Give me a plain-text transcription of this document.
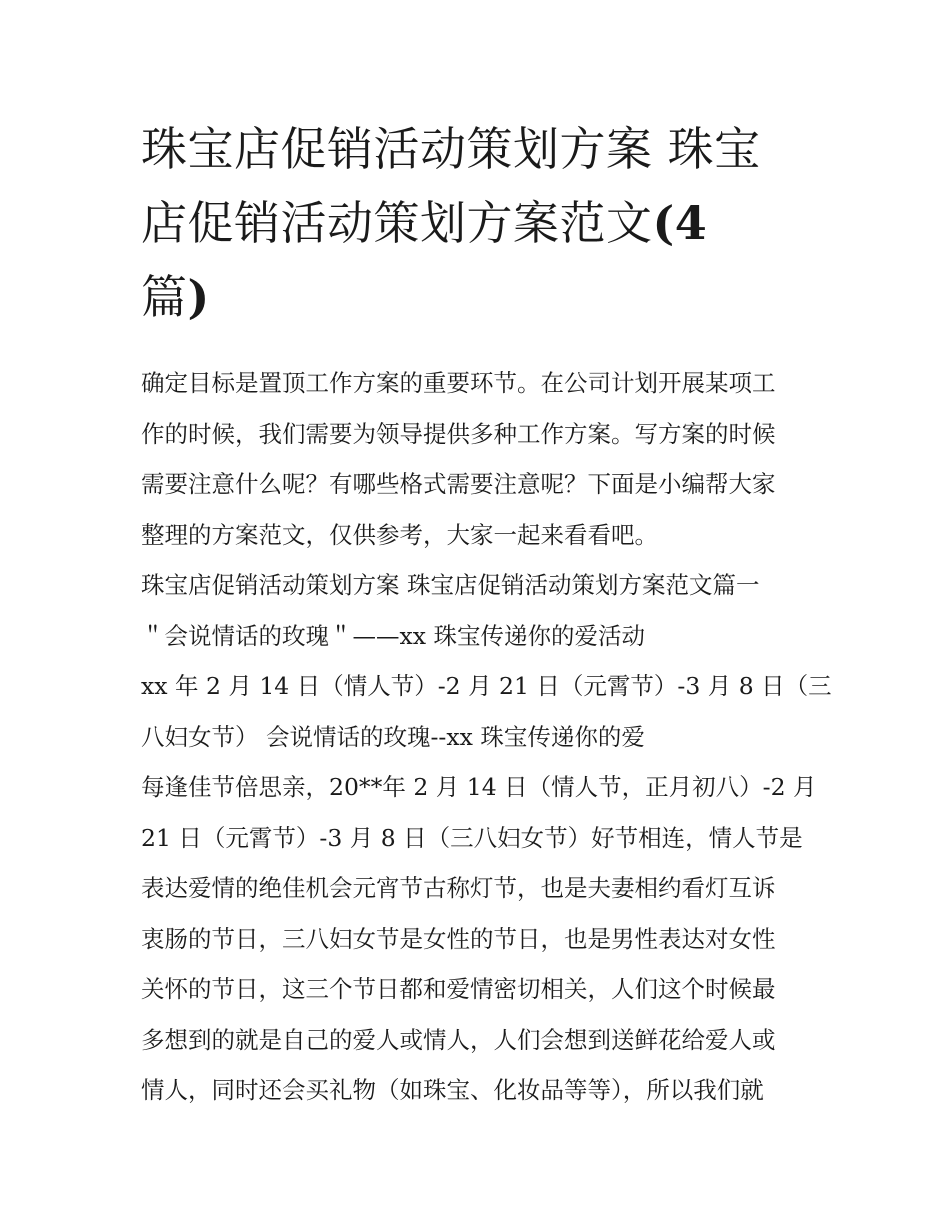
珠宝店促销活动策划方案 珠宝
店促销活动策划方案范文(4
篇)

确定目标是置顶工作方案的重要环节。在公司计划开展某项工
作的时候，我们需要为领导提供多种工作方案。写方案的时候
需要注意什么呢？有哪些格式需要注意呢？下面是小编帮大家
整理的方案范文，仅供参考，大家一起来看看吧。

珠宝店促销活动策划方案 珠宝店促销活动策划方案范文篇一

＂会说情话的玫瑰＂——xx 珠宝传递你的爱活动

xx 年 2 月 14 日（情人节）-2 月 21 日（元霄节）-3 月 8 日（三
八妇女节） 会说情话的玫瑰--xx 珠宝传递你的爱

每逢佳节倍思亲，20**年 2 月 14 日（情人节，正月初八）-2 月
21 日（元霄节）-3 月 8 日（三八妇女节）好节相连，情人节是
表达爱情的绝佳机会元宵节古称灯节，也是夫妻相约看灯互诉
衷肠的节日，三八妇女节是女性的节日，也是男性表达对女性
关怀的节日，这三个节日都和爱情密切相关，人们这个时候最
多想到的就是自己的爱人或情人，人们会想到送鲜花给爱人或
情人，同时还会买礼物（如珠宝、化妆品等等），所以我们就
